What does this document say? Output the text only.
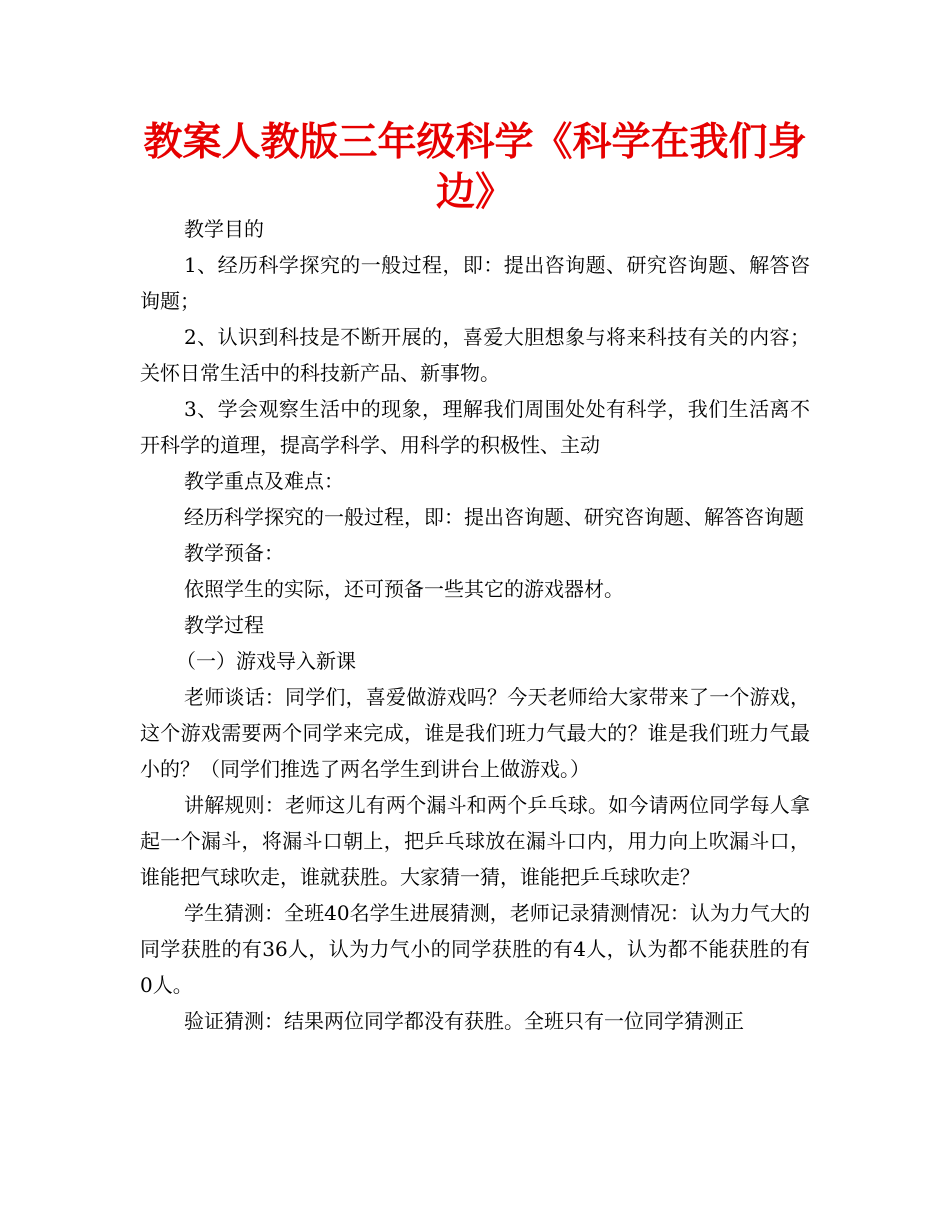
教案人教版三年级科学《科学在我们身边》

教学目的

1、经历科学探究的一般过程，即：提出咨询题、研究咨询题、解答咨询题；

2、认识到科技是不断开展的，喜爱大胆想象与将来科技有关的内容；关怀日常生活中的科技新产品、新事物。

3、学会观察生活中的现象，理解我们周围处处有科学，我们生活离不开科学的道理，提高学科学、用科学的积极性、主动

教学重点及难点：

经历科学探究的一般过程，即：提出咨询题、研究咨询题、解答咨询题

教学预备：

依照学生的实际，还可预备一些其它的游戏器材。

教学过程

（一）游戏导入新课

老师谈话：同学们，喜爱做游戏吗？今天老师给大家带来了一个游戏，这个游戏需要两个同学来完成，谁是我们班力气最大的？谁是我们班力气最小的？（同学们推选了两名学生到讲台上做游戏。）

讲解规则：老师这儿有两个漏斗和两个乒乓球。如今请两位同学每人拿起一个漏斗，将漏斗口朝上，把乒乓球放在漏斗口内，用力向上吹漏斗口，谁能把气球吹走，谁就获胜。大家猜一猜，谁能把乒乓球吹走？

学生猜测：全班40名学生进展猜测，老师记录猜测情况：认为力气大的同学获胜的有36人，认为力气小的同学获胜的有4人，认为都不能获胜的有0人。

验证猜测：结果两位同学都没有获胜。全班只有一位同学猜测正
